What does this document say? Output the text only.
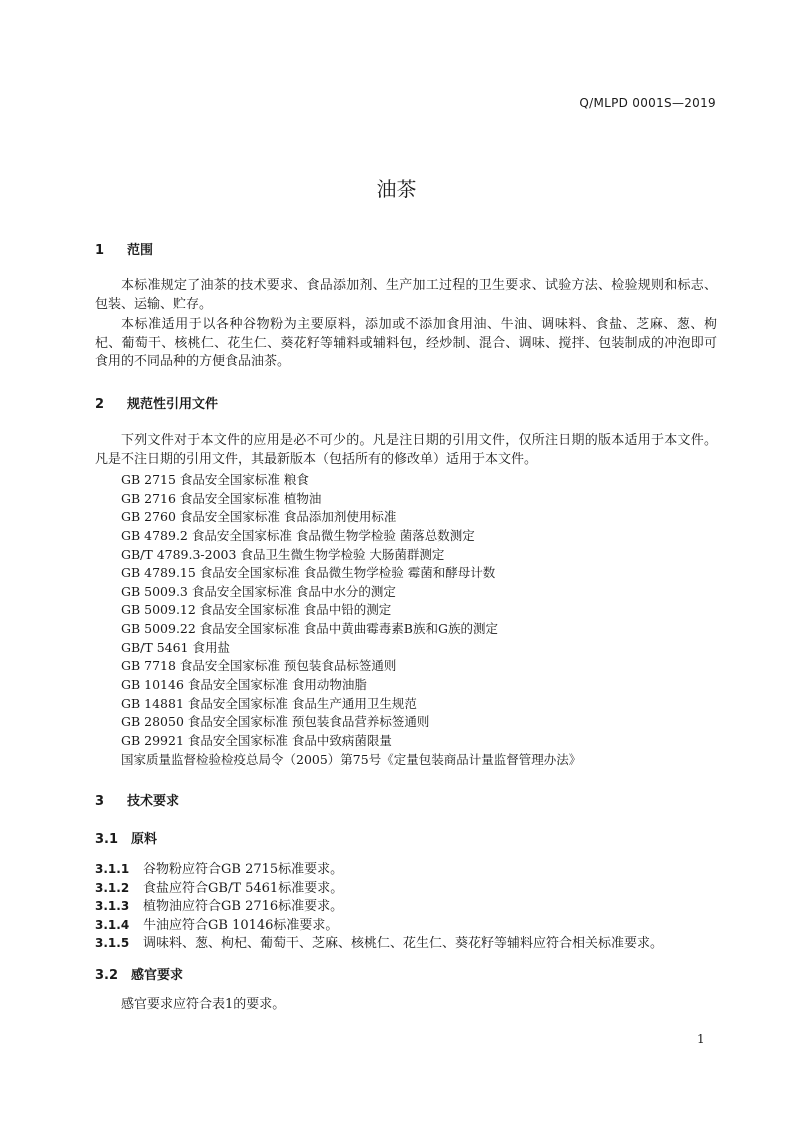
Q/MLPD 0001S—2019
油茶
1 范围
本标准规定了油茶的技术要求、食品添加剂、生产加工过程的卫生要求、试验方法、检验规则和标志、包装、运输、贮存。
本标准适用于以各种谷物粉为主要原料，添加或不添加食用油、牛油、调味料、食盐、芝麻、葱、枸杞、葡萄干、核桃仁、花生仁、葵花籽等辅料或辅料包，经炒制、混合、调味、搅拌、包装制成的冲泡即可食用的不同品种的方便食品油茶。
2 规范性引用文件
下列文件对于本文件的应用是必不可少的。凡是注日期的引用文件，仅所注日期的版本适用于本文件。凡是不注日期的引用文件，其最新版本（包括所有的修改单）适用于本文件。
GB 2715 食品安全国家标准 粮食
GB 2716 食品安全国家标准 植物油
GB 2760 食品安全国家标准 食品添加剂使用标准
GB 4789.2 食品安全国家标准 食品微生物学检验 菌落总数测定
GB/T 4789.3-2003 食品卫生微生物学检验 大肠菌群测定
GB 4789.15 食品安全国家标准 食品微生物学检验 霉菌和酵母计数
GB 5009.3 食品安全国家标准 食品中水分的测定
GB 5009.12 食品安全国家标准 食品中铅的测定
GB 5009.22 食品安全国家标准 食品中黄曲霉毒素B族和G族的测定
GB/T 5461 食用盐
GB 7718 食品安全国家标准 预包装食品标签通则
GB 10146 食品安全国家标准 食用动物油脂
GB 14881 食品安全国家标准 食品生产通用卫生规范
GB 28050 食品安全国家标准 预包装食品营养标签通则
GB 29921 食品安全国家标准 食品中致病菌限量
国家质量监督检验检疫总局令（2005）第75号《定量包装商品计量监督管理办法》
3 技术要求
3.1 原料
3.1.1 谷物粉应符合GB 2715标准要求。
3.1.2 食盐应符合GB/T 5461标准要求。
3.1.3 植物油应符合GB 2716标准要求。
3.1.4 牛油应符合GB 10146标准要求。
3.1.5 调味料、葱、枸杞、葡萄干、芝麻、核桃仁、花生仁、葵花籽等辅料应符合相关标准要求。
3.2 感官要求
感官要求应符合表1的要求。
1
